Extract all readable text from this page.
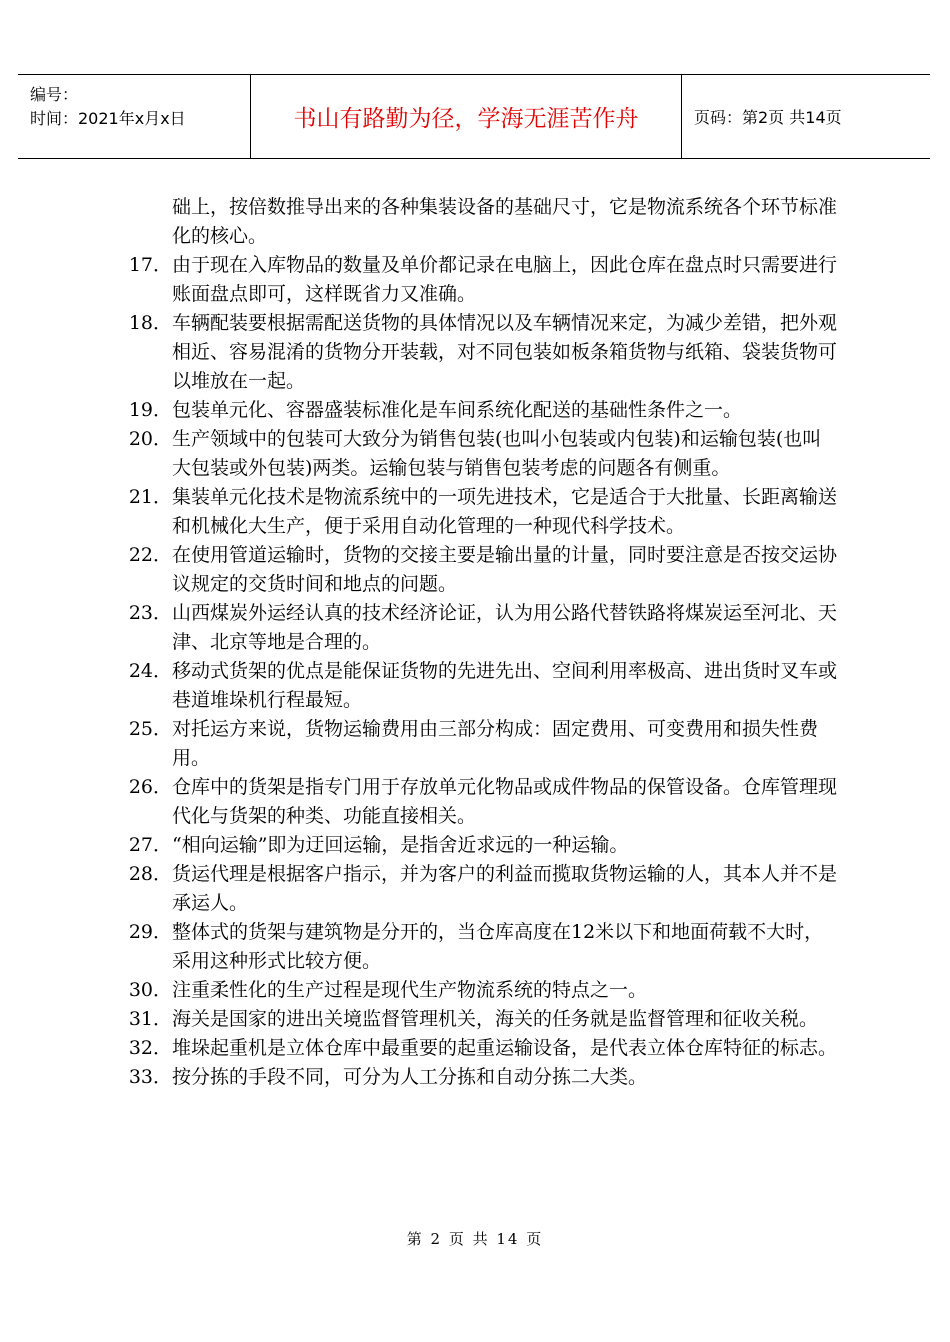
编号：
时间：2021年x月x日	书山有路勤为径，学海无涯苦作舟	页码：第2页 共14页
础上，按倍数推导出来的各种集装设备的基础尺寸，它是物流系统各个环节标准化的核心。
17． 由于现在入库物品的数量及单价都记录在电脑上，因此仓库在盘点时只需要进行账面盘点即可，这样既省力又准确。
18． 车辆配装要根据需配送货物的具体情况以及车辆情况来定，为减少差错，把外观相近、容易混淆的货物分开装载，对不同包装如板条箱货物与纸箱、袋装货物可以堆放在一起。
19． 包装单元化、容器盛装标准化是车间系统化配送的基础性条件之一。
20． 生产领域中的包装可大致分为销售包装(也叫小包装或内包装)和运输包装(也叫大包装或外包装)两类。运输包装与销售包装考虑的问题各有侧重。
21． 集装单元化技术是物流系统中的一项先进技术，它是适合于大批量、长距离输送和机械化大生产，便于采用自动化管理的一种现代科学技术。
22． 在使用管道运输时，货物的交接主要是输出量的计量，同时要注意是否按交运协议规定的交货时间和地点的问题。
23． 山西煤炭外运经认真的技术经济论证，认为用公路代替铁路将煤炭运至河北、天津、北京等地是合理的。
24． 移动式货架的优点是能保证货物的先进先出、空间利用率极高、进出货时叉车或巷道堆垛机行程最短。
25． 对托运方来说，货物运输费用由三部分构成：固定费用、可变费用和损失性费用。
26． 仓库中的货架是指专门用于存放单元化物品或成件物品的保管设备。仓库管理现代化与货架的种类、功能直接相关。
27． “相向运输”即为迂回运输，是指舍近求远的一种运输。
28． 货运代理是根据客户指示，并为客户的利益而揽取货物运输的人，其本人并不是承运人。
29． 整体式的货架与建筑物是分开的，当仓库高度在12米以下和地面荷载不大时，采用这种形式比较方便。
30． 注重柔性化的生产过程是现代生产物流系统的特点之一。
31． 海关是国家的进出关境监督管理机关，海关的任务就是监督管理和征收关税。
32． 堆垛起重机是立体仓库中最重要的起重运输设备，是代表立体仓库特征的标志。
33． 按分拣的手段不同，可分为人工分拣和自动分拣二大类。
第 2 页 共 14 页
